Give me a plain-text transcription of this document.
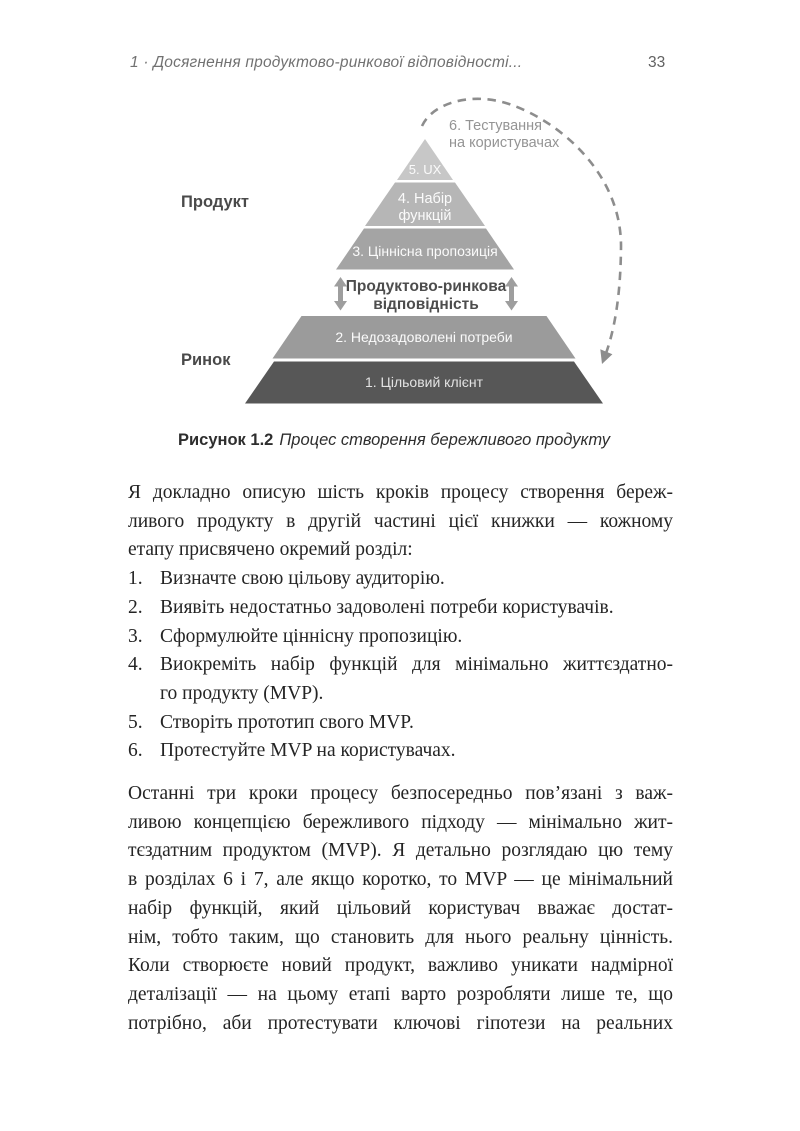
1 · Досягнення продуктово-ринкової відповідності...	33
5. UX
4. Набір
функцій
3. Ціннісна пропозиція
2. Недозадоволені потреби
1. Цільовий клієнт
Продуктово-ринкова
відповідність
6. Тестування
на користувачах
Продукт
Ринок
Рисунок 1.2 Процес створення бережливого продукту
Я докладно описую шість кроків процесу створення береж-
ливого продукту в другій частині цієї книжки — кожному
етапу присвячено окремий розділ:
1. Визначте свою цільову аудиторію.
2. Виявіть недостатньо задоволені потреби користувачів.
3. Сформулюйте ціннісну пропозицію.
4. Виокреміть набір функцій для мінімально життєздатно-
го продукту (MVP).
5. Створіть прототип свого MVP.
6. Протестуйте MVP на користувачах.
Останні три кроки процесу безпосередньо пов’язані з важ-
ливою концепцією бережливого підходу — мінімально жит-
тєздатним продуктом (MVP). Я детально розглядаю цю тему
в розділах 6 і 7, але якщо коротко, то MVP — це мінімальний
набір функцій, який цільовий користувач вважає достат-
нім, тобто таким, що становить для нього реальну цінність.
Коли створюєте новий продукт, важливо уникати надмірної
деталізації — на цьому етапі варто розробляти лише те, що
потрібно, аби протестувати ключові гіпотези на реальних
